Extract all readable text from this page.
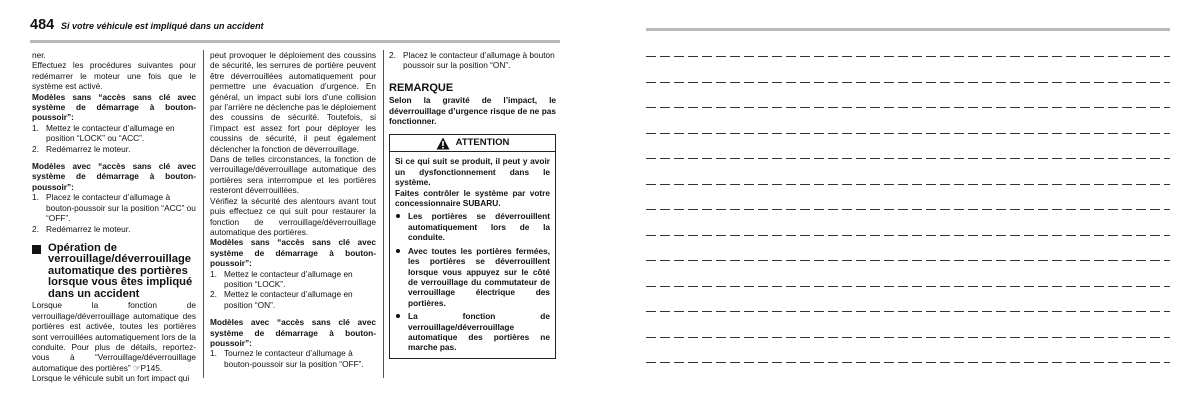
484 Si votre véhicule est impliqué dans un accident

ner.

Effectuez les procédures suivantes pour redémarrer le moteur une fois que le système est activé.

Modèles sans “accès sans clé avec système de démarrage à bouton-poussoir”:

1. Mettez le contacteur d’allumage en position “LOCK” ou “ACC”.
2. Redémarrez le moteur.

Modèles avec “accès sans clé avec système de démarrage à bouton-poussoir”:

1. Placez le contacteur d’allumage à bouton-poussoir sur la position “ACC” ou “OFF”.
2. Redémarrez le moteur.
Opération de verrouillage/déverrouillage automatique des portières lorsque vous êtes impliqué dans un accident

Lorsque la fonction de verrouillage/déverrouillage automatique des portières est activée, toutes les portières sont verrouillées automatiquement lors de la conduite. Pour plus de détails, reportez-vous à “Verrouillage/déverrouillage automatique des portières” ☞P145.

Lorsque le véhicule subit un fort impact qui

peut provoquer le déploiement des coussins de sécurité, les serrures de portière peuvent être déverrouillées automatiquement pour permettre une évacuation d’urgence. En général, un impact subi lors d’une collision par l’arrière ne déclenche pas le déploiement des coussins de sécurité. Toutefois, si l’impact est assez fort pour déployer les coussins de sécurité, il peut également déclencher la fonction de déverrouillage.

Dans de telles circonstances, la fonction de verrouillage/déverrouillage automatique des portières sera interrompue et les portières resteront déverrouillées.

Vérifiez la sécurité des alentours avant tout puis effectuez ce qui suit pour restaurer la fonction de verrouillage/déverrouillage automatique des portières.

Modèles sans “accès sans clé avec système de démarrage à bouton-poussoir”:

1. Mettez le contacteur d’allumage en position “LOCK”.
2. Mettez le contacteur d’allumage en position “ON”.

Modèles avec “accès sans clé avec système de démarrage à bouton-poussoir”:

1. Tournez le contacteur d’allumage à bouton-poussoir sur la position “OFF”.
2. Placez le contacteur d’allumage à bouton poussoir sur la position “ON”.
REMARQUE

Selon la gravité de l’impact, le déverrouillage d’urgence risque de ne pas fonctionner.

ATTENTION

Si ce qui suit se produit, il peut y avoir un dysfonctionnement dans le système.

Faites contrôler le système par votre concessionnaire SUBARU.

Les portières se déverrouillent automatiquement lors de la conduite.
Avec toutes les portières fermées, les portières se déverrouillent lorsque vous appuyez sur le côté de verrouillage du commutateur de verrouillage électrique des portières.
La fonction de verrouillage/déverrouillage automatique des portières ne marche pas.
